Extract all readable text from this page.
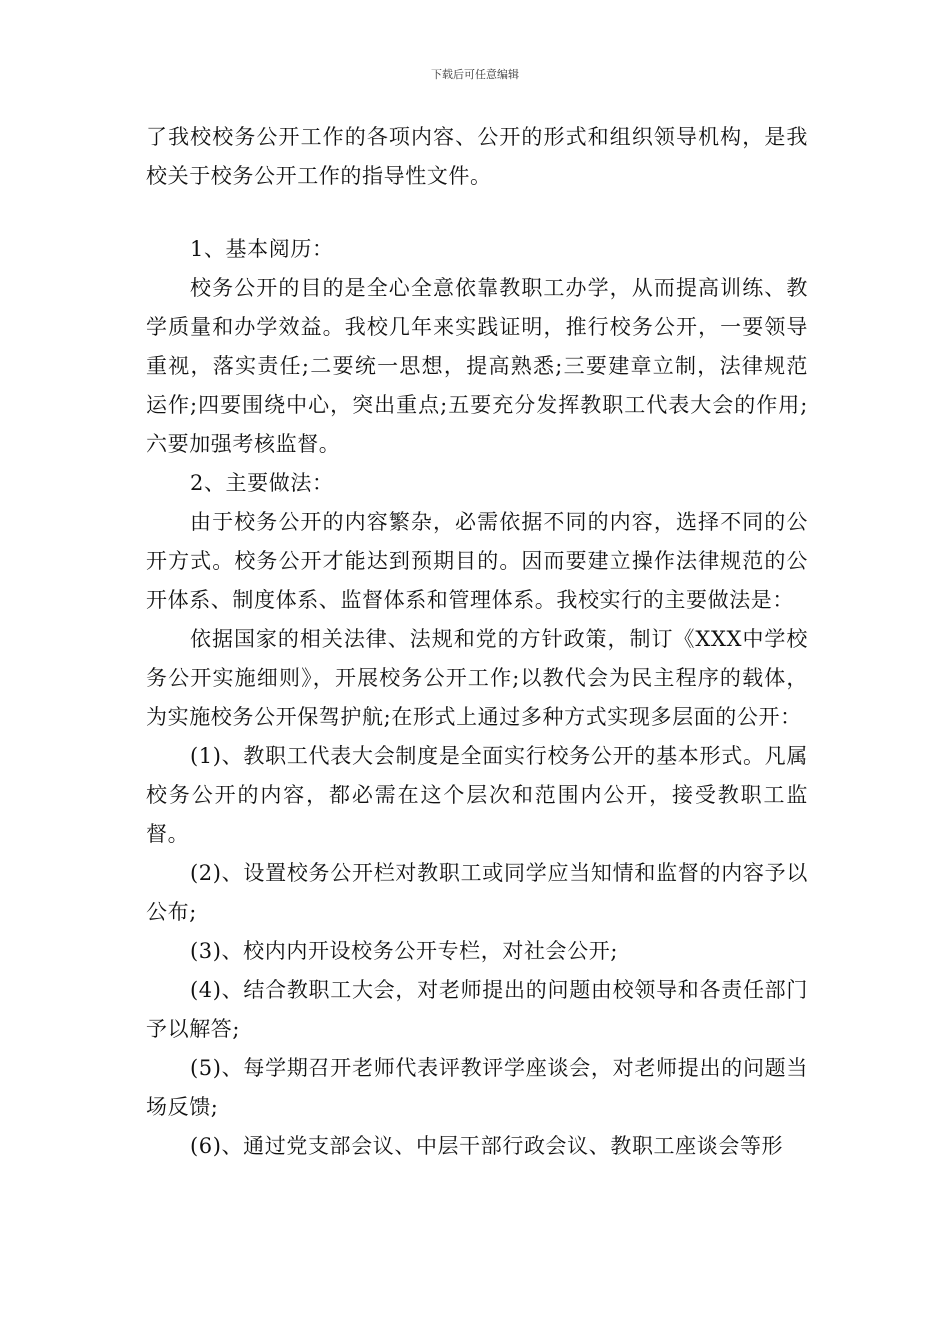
下载后可任意编辑

了我校校务公开工作的各项内容、公开的形式和组织领导机构，是我校关于校务公开工作的指导性文件。

1、基本阅历：

校务公开的目的是全心全意依靠教职工办学，从而提高训练、教学质量和办学效益。我校几年来实践证明，推行校务公开，一要领导重视，落实责任;二要统一思想，提高熟悉;三要建章立制，法律规范运作;四要围绕中心，突出重点;五要充分发挥教职工代表大会的作用;六要加强考核监督。

2、主要做法：

由于校务公开的内容繁杂，必需依据不同的内容，选择不同的公开方式。校务公开才能达到预期目的。因而要建立操作法律规范的公开体系、制度体系、监督体系和管理体系。我校实行的主要做法是：

依据国家的相关法律、法规和党的方针政策，制订《XXX中学校务公开实施细则》，开展校务公开工作;以教代会为民主程序的载体，为实施校务公开保驾护航;在形式上通过多种方式实现多层面的公开：

(1)、教职工代表大会制度是全面实行校务公开的基本形式。凡属校务公开的内容，都必需在这个层次和范围内公开，接受教职工监督。

(2)、设置校务公开栏对教职工或同学应当知情和监督的内容予以公布;

(3)、校内内开设校务公开专栏，对社会公开;

(4)、结合教职工大会，对老师提出的问题由校领导和各责任部门予以解答;

(5)、每学期召开老师代表评教评学座谈会，对老师提出的问题当场反馈;

(6)、通过党支部会议、中层干部行政会议、教职工座谈会等形
